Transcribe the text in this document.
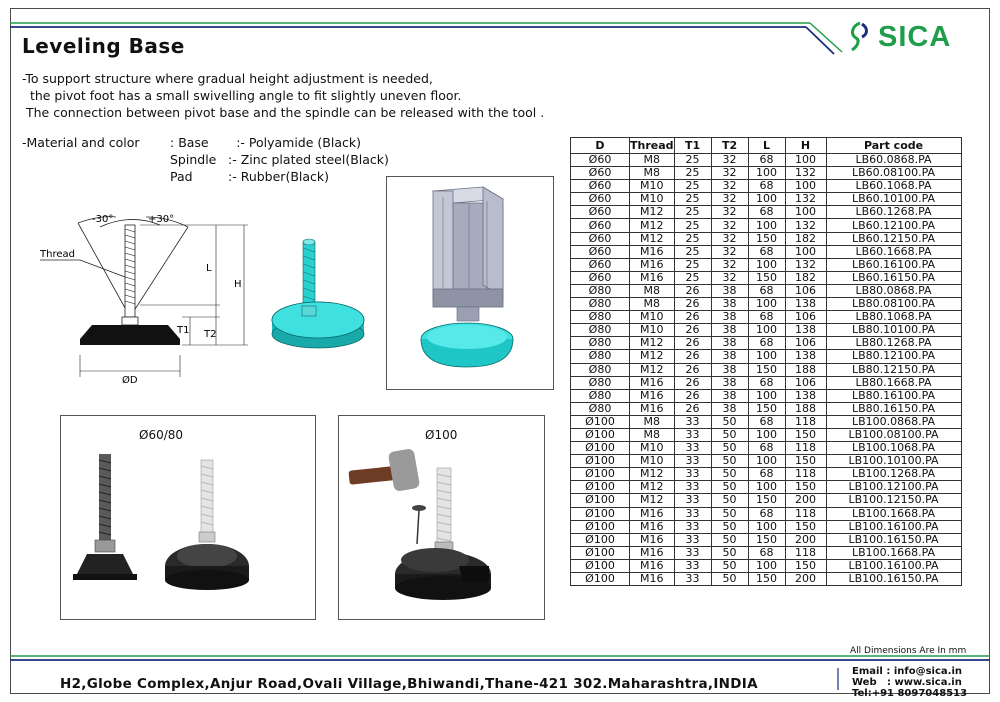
SICA
Leveling Base
-To support structure where gradual height adjustment is needed,
the pivot foot has a small swivelling angle to fit slightly uneven floor.
The connection between pivot base and the spindle can be released with the tool .
-Material and color	: Base	:- Polyamide (Black)
Spindle :- Zinc plated steel(Black)
Pad	:- Rubber(Black)
-30°	+30°
Thread
L
H
T1 T2
ØD
Ø60/80	Ø100
D	Thread	T1	T2	L	H	Part code
Ø60	M8	25	32	68	100	LB60.0868.PA
Ø60	M8	25	32	100	132	LB60.08100.PA
Ø60	M10	25	32	68	100	LB60.1068.PA
Ø60	M10	25	32	100	132	LB60.10100.PA
Ø60	M12	25	32	68	100	LB60.1268.PA
Ø60	M12	25	32	100	132	LB60.12100.PA
Ø60	M12	25	32	150	182	LB60.12150.PA
Ø60	M16	25	32	68	100	LB60.1668.PA
Ø60	M16	25	32	100	132	LB60.16100.PA
Ø60	M16	25	32	150	182	LB60.16150.PA
Ø80	M8	26	38	68	106	LB80.0868.PA
Ø80	M8	26	38	100	138	LB80.08100.PA
Ø80	M10	26	38	68	106	LB80.1068.PA
Ø80	M10	26	38	100	138	LB80.10100.PA
Ø80	M12	26	38	68	106	LB80.1268.PA
Ø80	M12	26	38	100	138	LB80.12100.PA
Ø80	M12	26	38	150	188	LB80.12150.PA
Ø80	M16	26	38	68	106	LB80.1668.PA
Ø80	M16	26	38	100	138	LB80.16100.PA
Ø80	M16	26	38	150	188	LB80.16150.PA
Ø100	M8	33	50	68	118	LB100.0868.PA
Ø100	M8	33	50	100	150	LB100.08100.PA
Ø100	M10	33	50	68	118	LB100.1068.PA
Ø100	M10	33	50	100	150	LB100.10100.PA
Ø100	M12	33	50	68	118	LB100.1268.PA
Ø100	M12	33	50	100	150	LB100.12100.PA
Ø100	M12	33	50	150	200	LB100.12150.PA
Ø100	M16	33	50	68	118	LB100.1668.PA
Ø100	M16	33	50	100	150	LB100.16100.PA
Ø100	M16	33	50	150	200	LB100.16150.PA
Ø100	M16	33	50	68	118	LB100.1668.PA
Ø100	M16	33	50	100	150	LB100.16100.PA
Ø100	M16	33	50	150	200	LB100.16150.PA
All Dimensions Are In mm
H2,Globe Complex,Anjur Road,Ovali Village,Bhiwandi,Thane-421 302.Maharashtra,INDIA
Email : info@sica.in
Web   : www.sica.in
Tel:+91 8097048513
